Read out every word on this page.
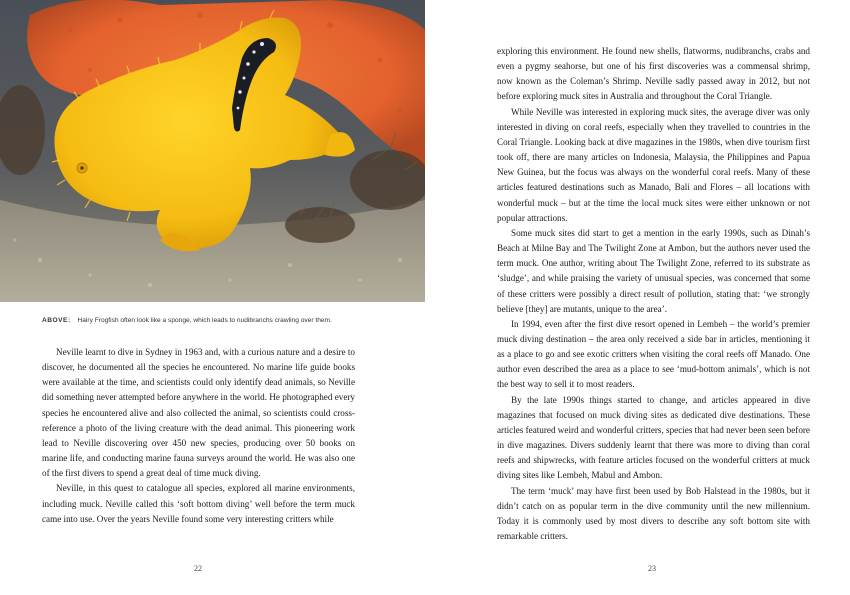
ABOVE: Hairy Frogfish often look like a sponge, which leads to nudibranchs crawling over them.

Neville learnt to dive in Sydney in 1963 and, with a curious nature and a desire to discover, he documented all the species he encountered. No marine life guide books were available at the time, and scientists could only identify dead animals, so Neville did something never attempted before anywhere in the world. He photographed every species he encountered alive and also collected the animal, so scientists could cross-reference a photo of the living creature with the dead animal. This pioneering work lead to Neville discovering over 450 new species, producing over 50 books on marine life, and conducting marine fauna surveys around the world. He was also one of the first divers to spend a great deal of time muck diving.

Neville, in this quest to catalogue all species, explored all marine environments, including muck. Neville called this ‘soft bottom diving’ well before the term muck came into use. Over the years Neville found some very interesting critters while

22

exploring this environment. He found new shells, flatworms, nudibranchs, crabs and even a pygmy seahorse, but one of his first discoveries was a commensal shrimp, now known as the Coleman’s Shrimp. Neville sadly passed away in 2012, but not before exploring muck sites in Australia and throughout the Coral Triangle.

While Neville was interested in exploring muck sites, the average diver was only interested in diving on coral reefs, especially when they travelled to countries in the Coral Triangle. Looking back at dive magazines in the 1980s, when dive tourism first took off, there are many articles on Indonesia, Malaysia, the Philippines and Papua New Guinea, but the focus was always on the wonderful coral reefs. Many of these articles featured destinations such as Manado, Bali and Flores – all locations with wonderful muck – but at the time the local muck sites were either unknown or not popular attractions.

Some muck sites did start to get a mention in the early 1990s, such as Dinah’s Beach at Milne Bay and The Twilight Zone at Ambon, but the authors never used the term muck. One author, writing about The Twilight Zone, referred to its substrate as ‘sludge’, and while praising the variety of unusual species, was concerned that some of these critters were possibly a direct result of pollution, stating that: ‘we strongly believe [they] are mutants, unique to the area’.

In 1994, even after the first dive resort opened in Lembeh – the world’s premier muck diving destination – the area only received a side bar in articles, mentioning it as a place to go and see exotic critters when visiting the coral reefs off Manado. One author even described the area as a place to see ‘mud-bottom animals’, which is not the best way to sell it to most readers.

By the late 1990s things started to change, and articles appeared in dive magazines that focused on muck diving sites as dedicated dive destinations. These articles featured weird and wonderful critters, species that had never been seen before in dive magazines. Divers suddenly learnt that there was more to diving than coral reefs and shipwrecks, with feature articles focused on the wonderful critters at muck diving sites like Lembeh, Mabul and Ambon.

The term ‘muck’ may have first been used by Bob Halstead in the 1980s, but it didn’t catch on as popular term in the dive community until the new millennium. Today it is commonly used by most divers to describe any soft bottom site with remarkable critters.

23
